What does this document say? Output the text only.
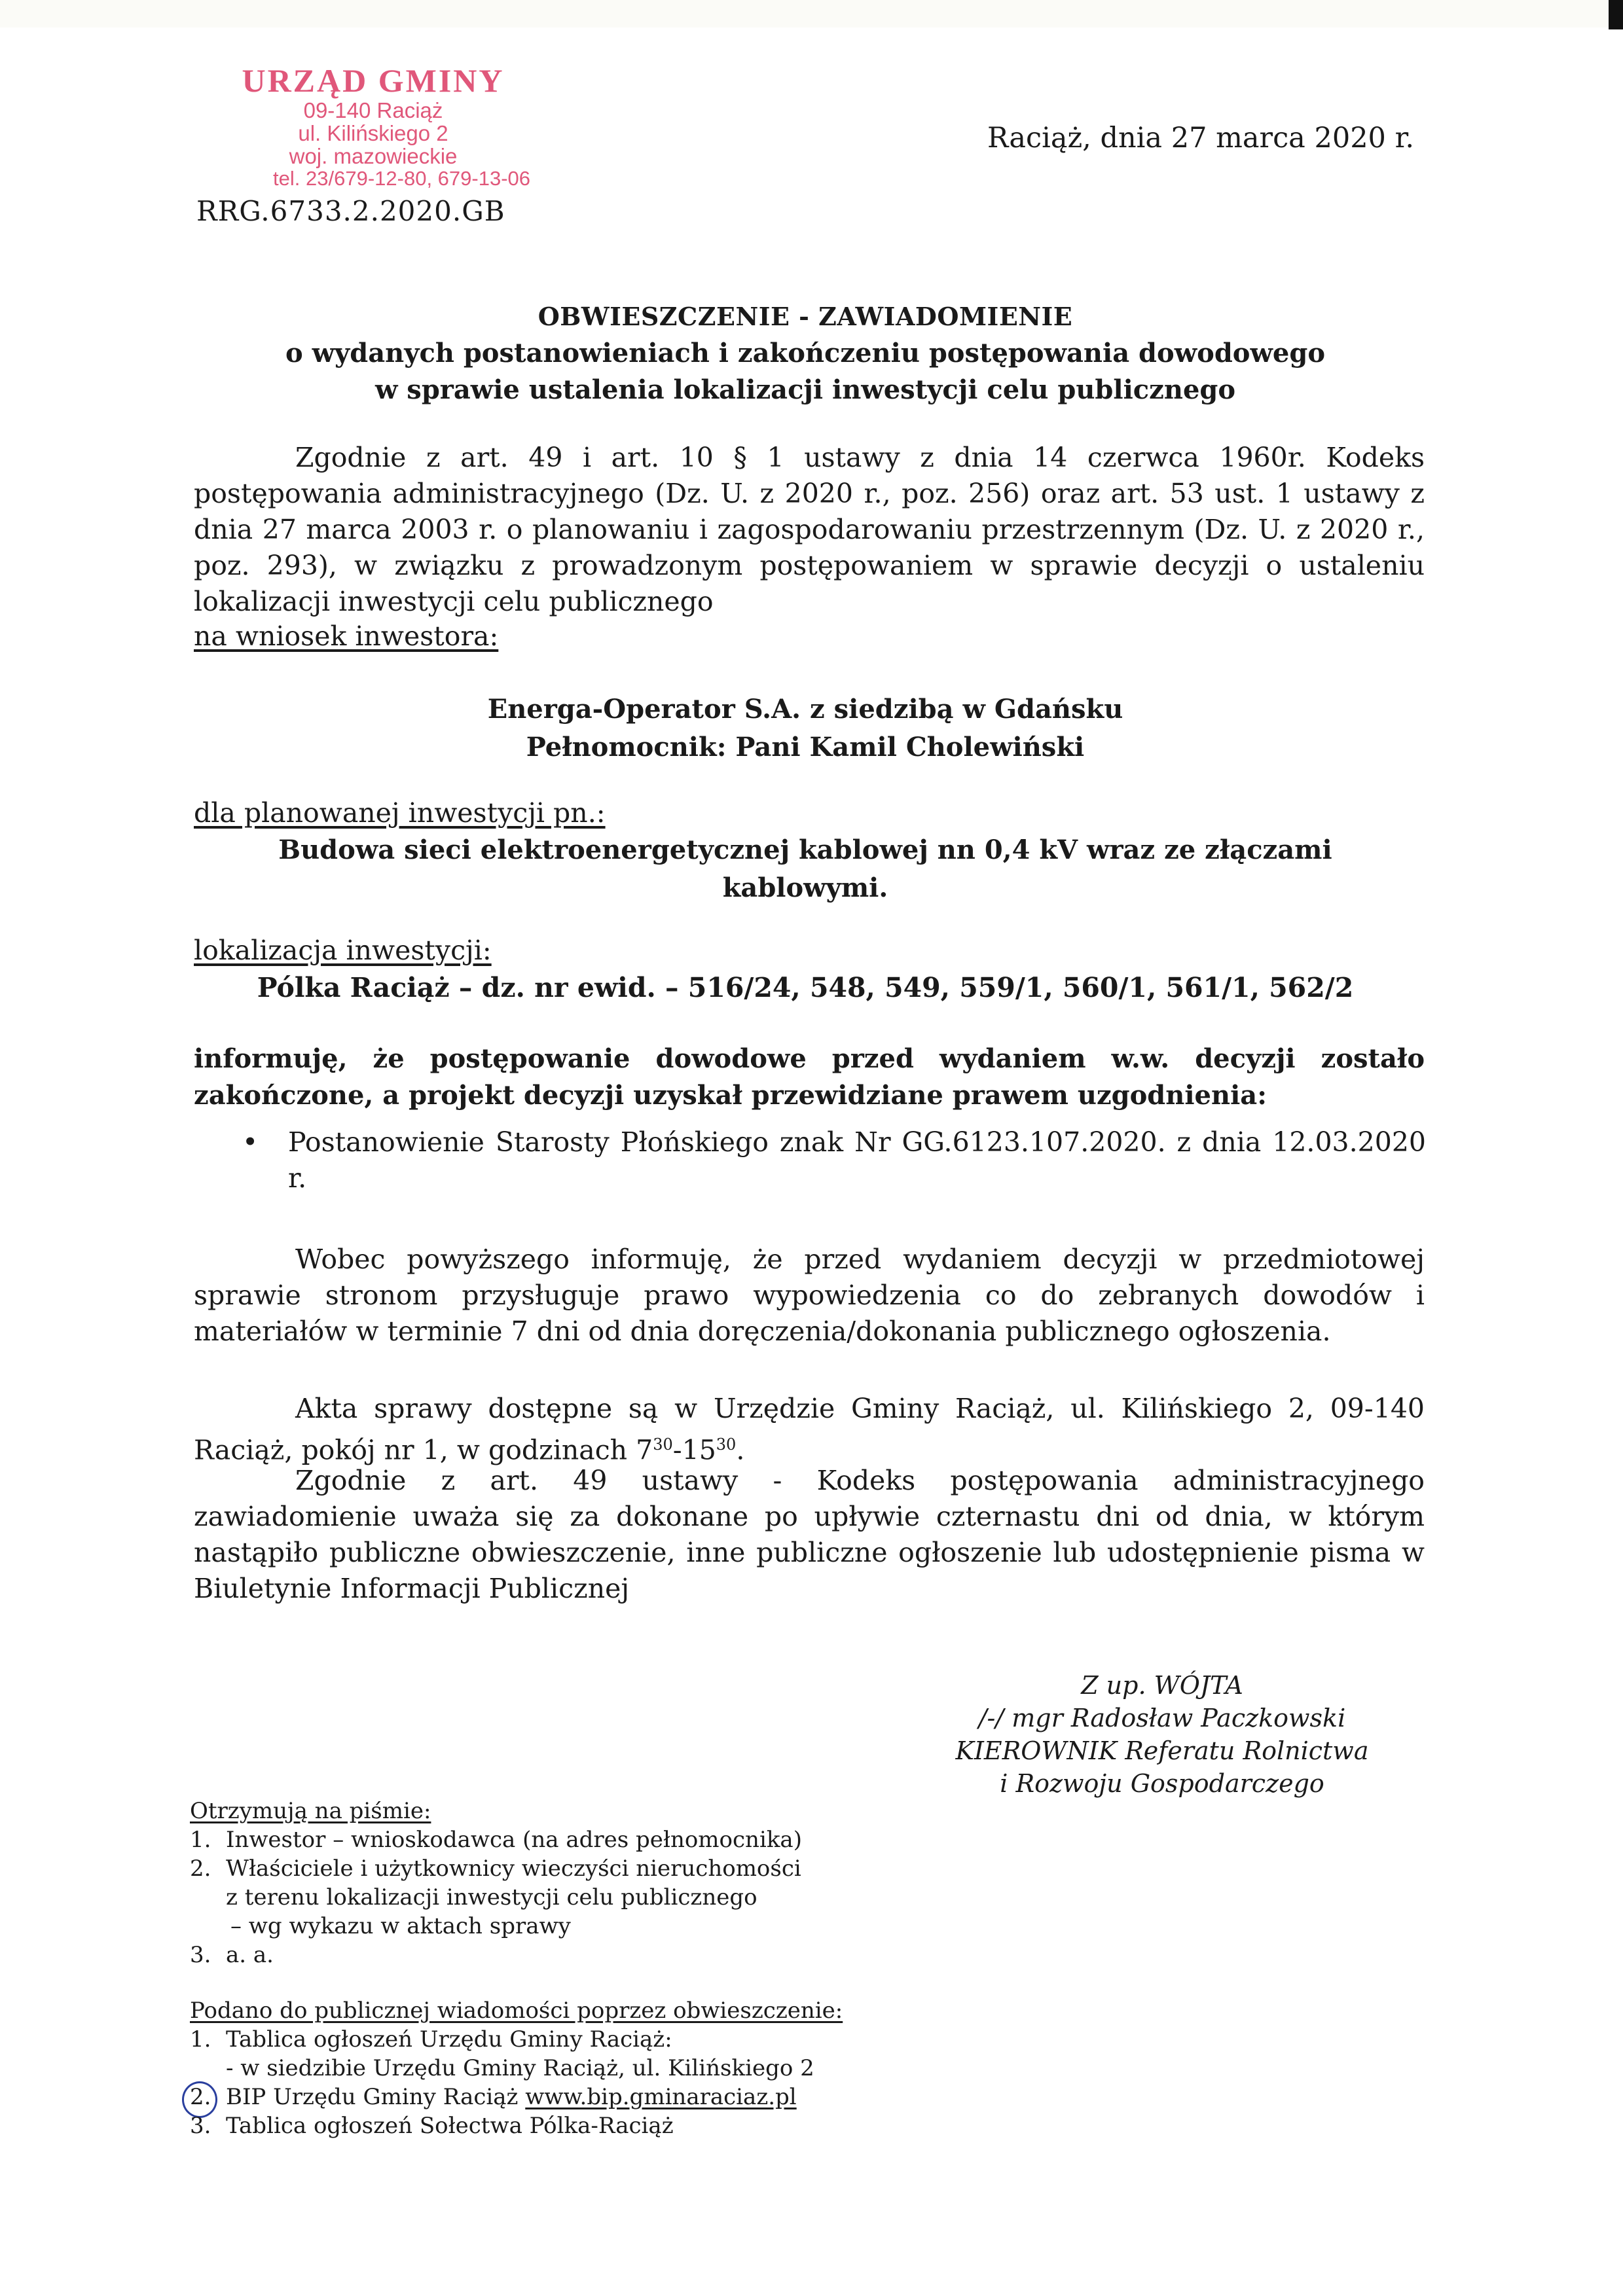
URZĄD GMINY
09-140 Raciąż
ul. Kilińskiego 2
woj. mazowieckie
tel. 23/679-12-80, 679-13-06
RRG.6733.2.2020.GB
Raciąż, dnia 27 marca 2020 r.
OBWIESZCZENIE - ZAWIADOMIENIE
o wydanych postanowieniach i zakończeniu postępowania dowodowego
w sprawie ustalenia lokalizacji inwestycji celu publicznego
Zgodnie z art. 49 i art. 10 § 1 ustawy z dnia 14 czerwca 1960r. Kodeks postępowania administracyjnego (Dz. U. z 2020 r., poz. 256) oraz art. 53 ust. 1 ustawy z dnia 27 marca 2003 r. o planowaniu i zagospodarowaniu przestrzennym (Dz. U. z 2020 r., poz. 293), w związku z prowadzonym postępowaniem w sprawie decyzji o ustaleniu lokalizacji inwestycji celu publicznego
na wniosek inwestora:
Energa-Operator S.A. z siedzibą w Gdańsku
Pełnomocnik: Pani Kamil Cholewiński
dla planowanej inwestycji pn.:
Budowa sieci elektroenergetycznej kablowej nn 0,4 kV wraz ze złączami
kablowymi.
lokalizacja inwestycji:
Pólka Raciąż – dz. nr ewid. – 516/24, 548, 549, 559/1, 560/1, 561/1, 562/2
informuję, że postępowanie dowodowe przed wydaniem w.w. decyzji zostało zakończone, a projekt decyzji uzyskał przewidziane prawem uzgodnienia:
•	Postanowienie Starosty Płońskiego znak Nr GG.6123.107.2020. z dnia 12.03.2020 r.
Wobec powyższego informuję, że przed wydaniem decyzji w przedmiotowej sprawie stronom przysługuje prawo wypowiedzenia co do zebranych dowodów i materiałów w terminie 7 dni od dnia doręczenia/dokonania publicznego ogłoszenia.
Akta sprawy dostępne są w Urzędzie Gminy Raciąż, ul. Kilińskiego 2, 09-140 Raciąż, pokój nr 1, w godzinach $7^{30}-15^{30}$.
Zgodnie z art. 49 ustawy - Kodeks postępowania administracyjnego zawiadomienie uważa się za dokonane po upływie czternastu dni od dnia, w którym nastąpiło publiczne obwieszczenie, inne publiczne ogłoszenie lub udostępnienie pisma w Biuletynie Informacji Publicznej
Z up. WÓJTA
/-/ mgr Radosław Paczkowski
KIEROWNIK Referatu Rolnictwa
i Rozwoju Gospodarczego
Otrzymują na piśmie:
1. Inwestor – wnioskodawca (na adres pełnomocnika)
2. Właściciele i użytkownicy wieczyści nieruchomości
z terenu lokalizacji inwestycji celu publicznego
– wg wykazu w aktach sprawy
3. a. a.
Podano do publicznej wiadomości poprzez obwieszczenie:
1. Tablica ogłoszeń Urzędu Gminy Raciąż:
- w siedzibie Urzędu Gminy Raciąż, ul. Kilińskiego 2
2. BIP Urzędu Gminy Raciąż www.bip.gminaraciaz.pl
3. Tablica ogłoszeń Sołectwa Pólka-Raciąż
